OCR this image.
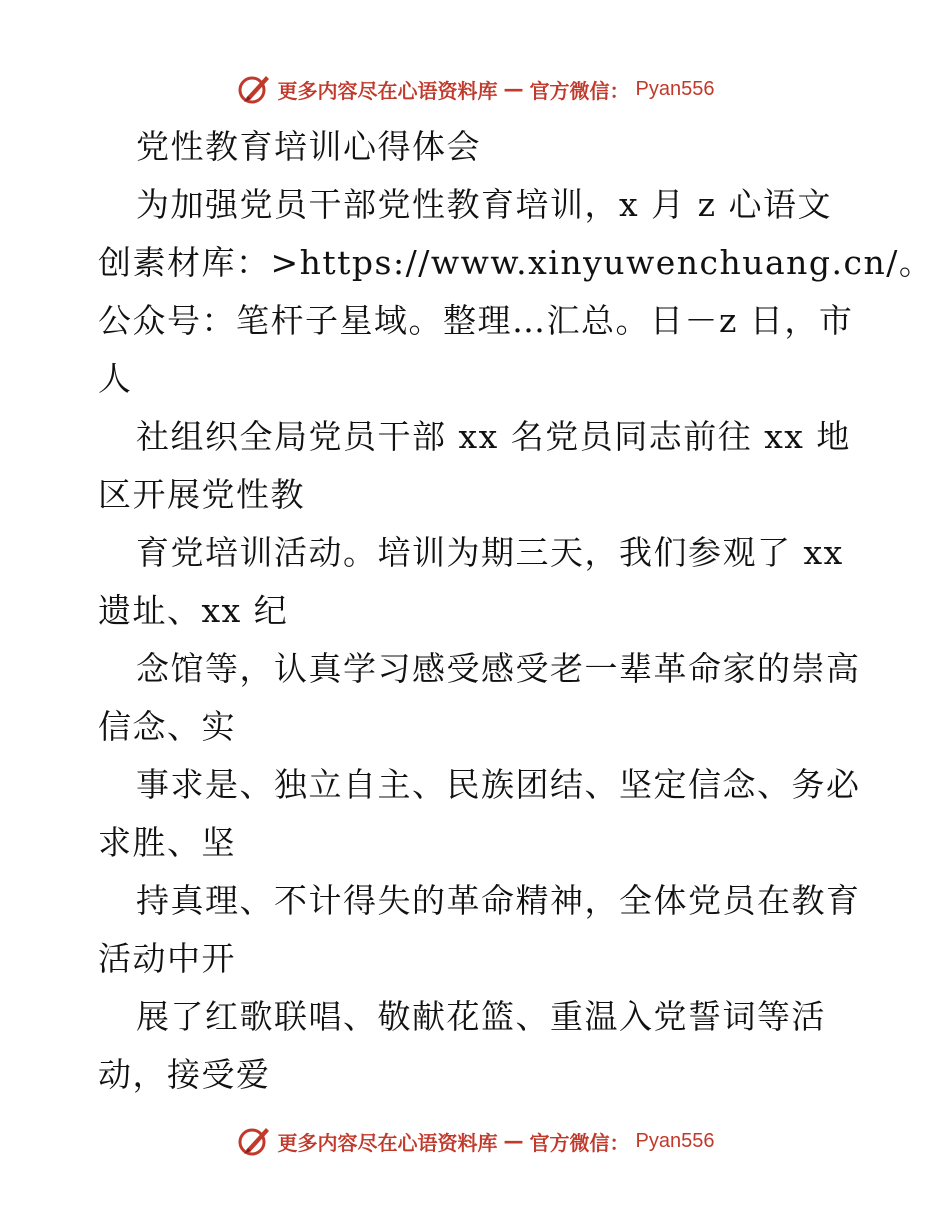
更多内容尽在心语资料库 — 官方微信： Pyan556
党性教育培训心得体会
为加强党员干部党性教育培训，x 月 z 心语文
创素材库：>https://www.xinyuwenchuang.cn/。
公众号：笔杆子星域。整理…汇总。日－z 日，市
人
社组织全局党员干部 xx 名党员同志前往 xx 地
区开展党性教
育党培训活动。培训为期三天，我们参观了 xx
遗址、xx 纪
念馆等，认真学习感受感受老一辈革命家的崇高
信念、实
事求是、独立自主、民族团结、坚定信念、务必
求胜、坚
持真理、不计得失的革命精神，全体党员在教育
活动中开
展了红歌联唱、敬献花篮、重温入党誓词等活
动，接受爱
更多内容尽在心语资料库 — 官方微信： Pyan556
